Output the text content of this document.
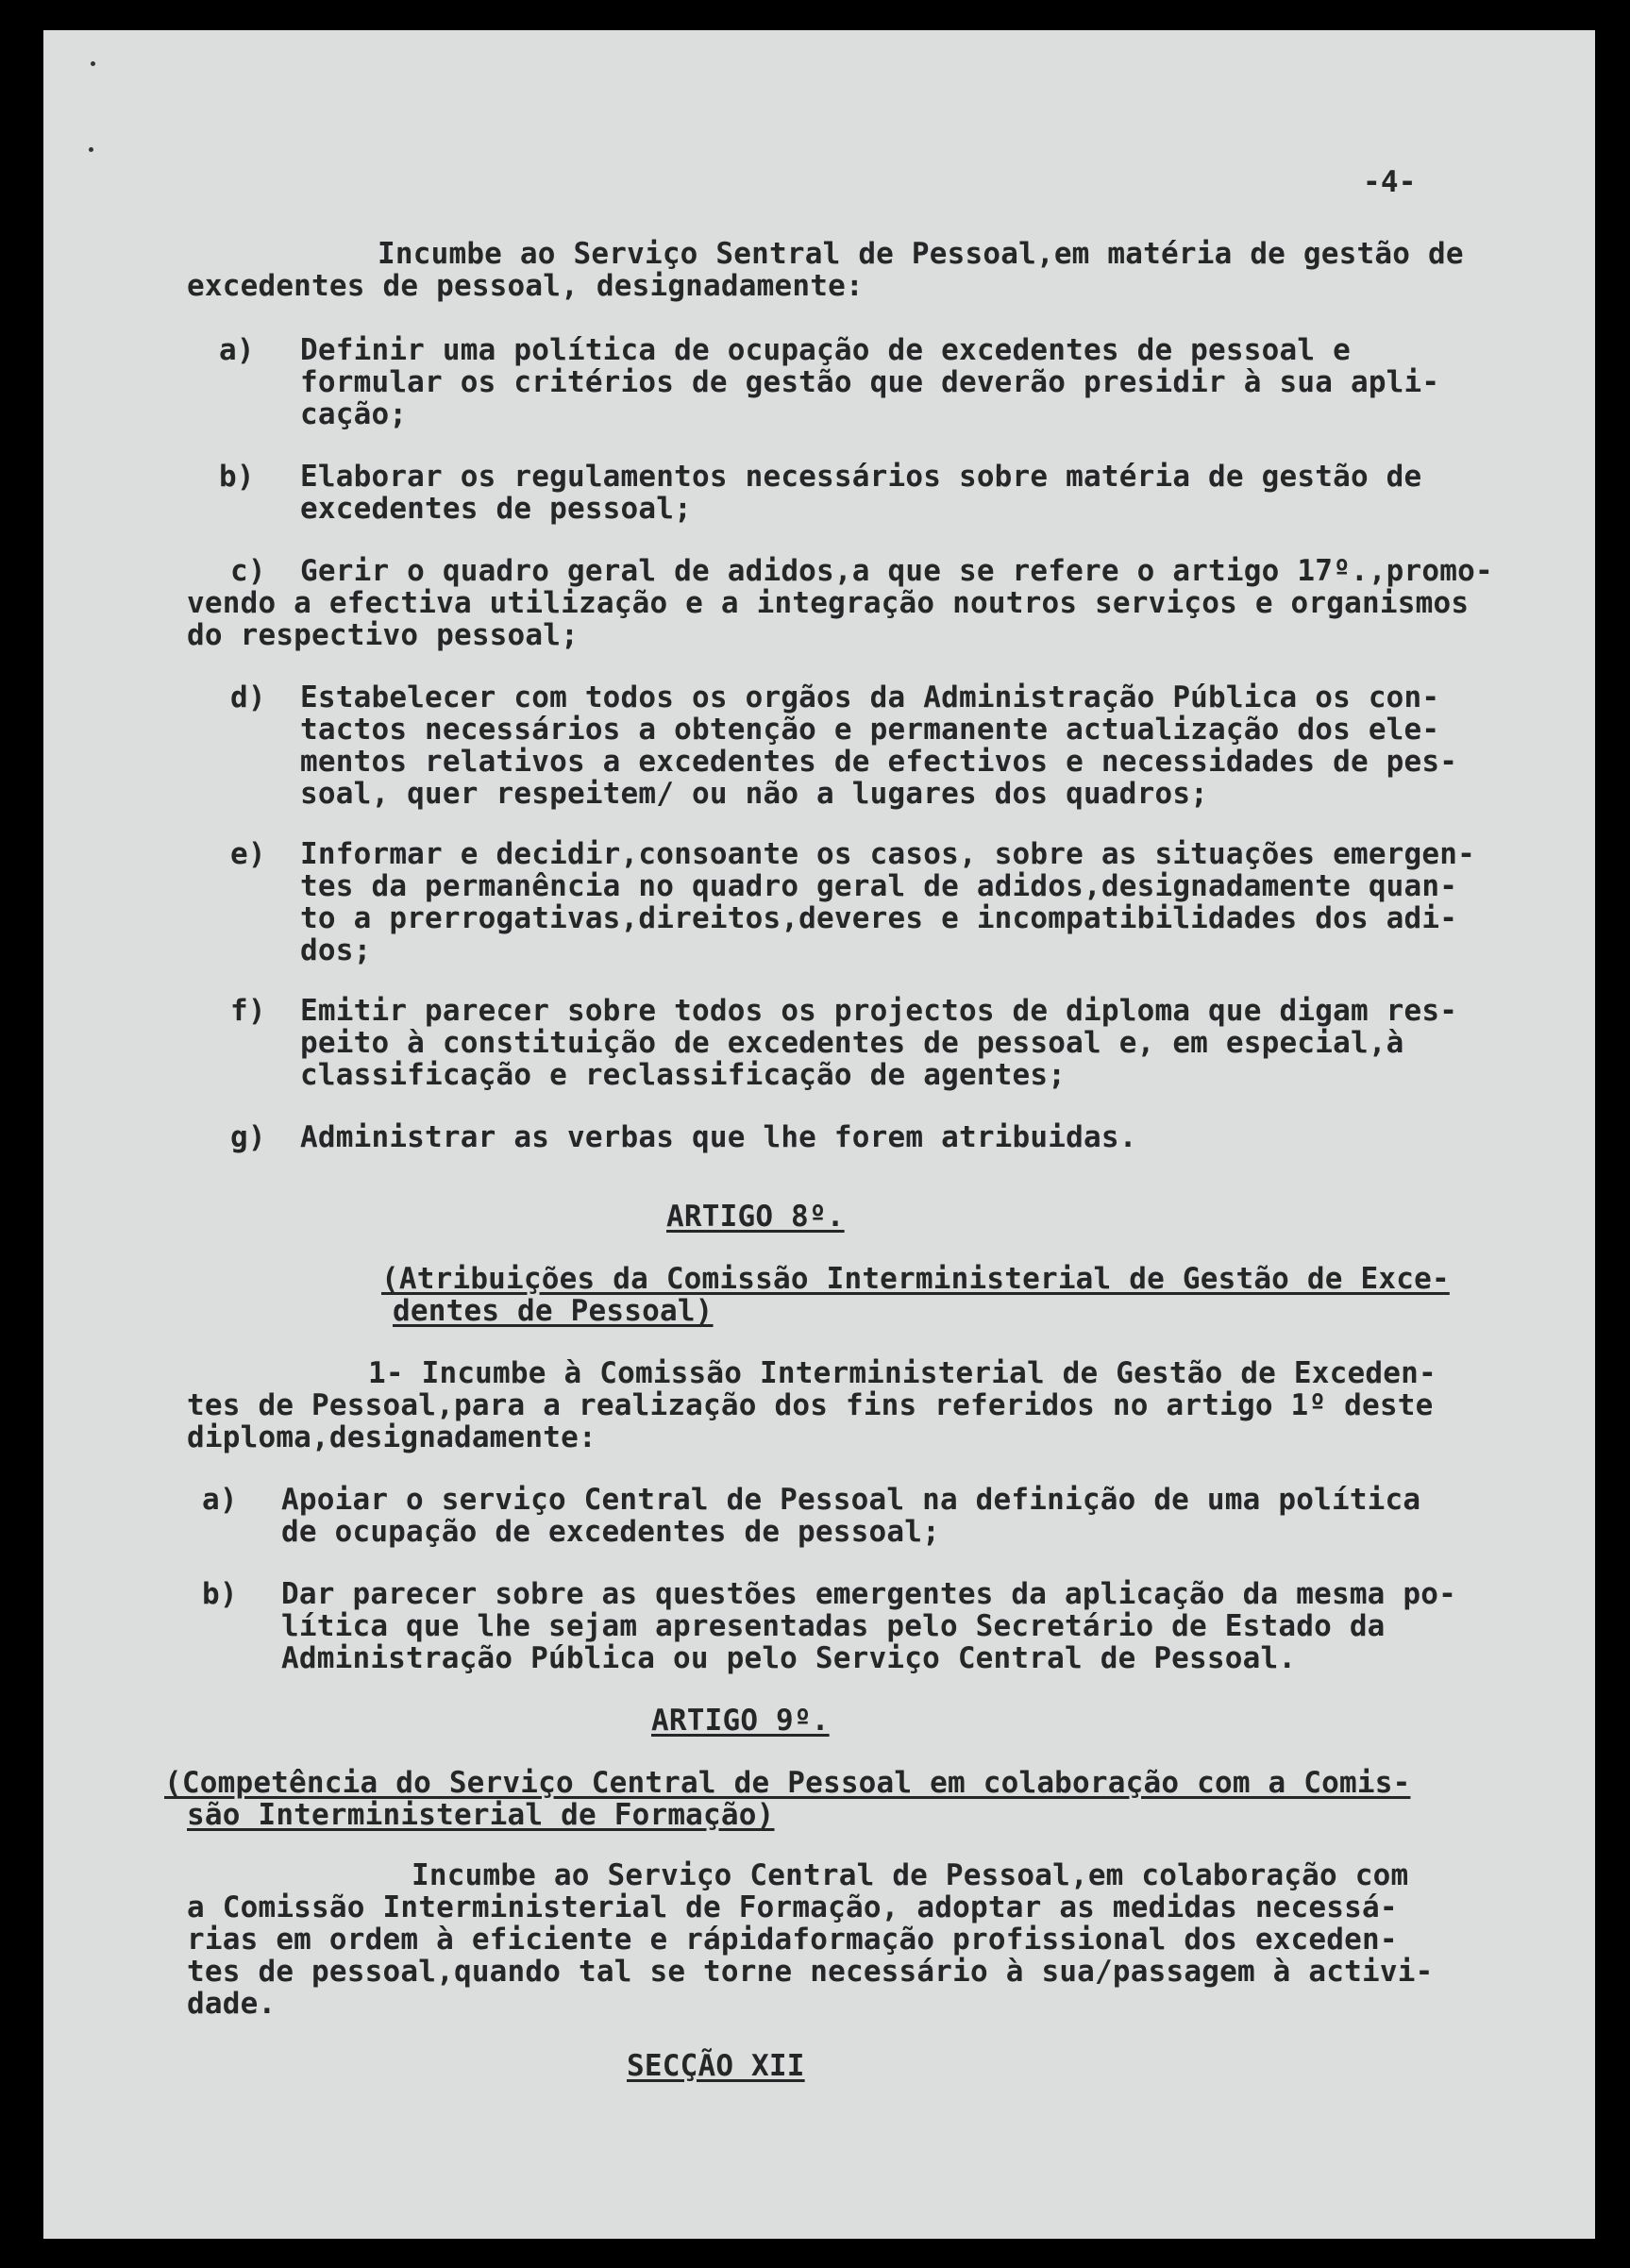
-4-

Incumbe ao Serviço Sentral de Pessoal,em matéria de gestão de

excedentes de pessoal, designadamente:

a) Definir uma política de ocupação de excedentes de pessoal e

formular os critérios de gestão que deverão presidir à sua apli-

cação;

b) Elaborar os regulamentos necessários sobre matéria de gestão de

excedentes de pessoal;

c) Gerir o quadro geral de adidos,a que se refere o artigo 17º.,promo-

vendo a efectiva utilização e a integração noutros serviços e organismos

do respectivo pessoal;

d) Estabelecer com todos os orgãos da Administração Pública os con-

tactos necessários a obtenção e permanente actualização dos ele-

mentos relativos a excedentes de efectivos e necessidades de pes-

soal, quer respeitem/ ou não a lugares dos quadros;

e) Informar e decidir,consoante os casos, sobre as situações emergen-

tes da permanência no quadro geral de adidos,designadamente quan-

to a prerrogativas,direitos,deveres e incompatibilidades dos adi-

dos;

f) Emitir parecer sobre todos os projectos de diploma que digam res-

peito à constituição de excedentes de pessoal e, em especial,à

classificação e reclassificação de agentes;

g) Administrar as verbas que lhe forem atribuidas.

ARTIGO 8º.

(Atribuições da Comissão Interministerial de Gestão de Exce-

dentes de Pessoal)

1- Incumbe à Comissão Interministerial de Gestão de Exceden-

tes de Pessoal,para a realização dos fins referidos no artigo 1º deste

diploma,designadamente:

a) Apoiar o serviço Central de Pessoal na definição de uma política

de ocupação de excedentes de pessoal;

b) Dar parecer sobre as questões emergentes da aplicação da mesma po-

lítica que lhe sejam apresentadas pelo Secretário de Estado da

Administração Pública ou pelo Serviço Central de Pessoal.

ARTIGO 9º.

(Competência do Serviço Central de Pessoal em colaboração com a Comis-

são Interministerial de Formação)

Incumbe ao Serviço Central de Pessoal,em colaboração com

a Comissão Interministerial de Formação, adoptar as medidas necessá-

rias em ordem à eficiente e rápidaformação profissional dos exceden-

tes de pessoal,quando tal se torne necessário à sua/passagem à activi-

dade.

SECÇÃO XII
